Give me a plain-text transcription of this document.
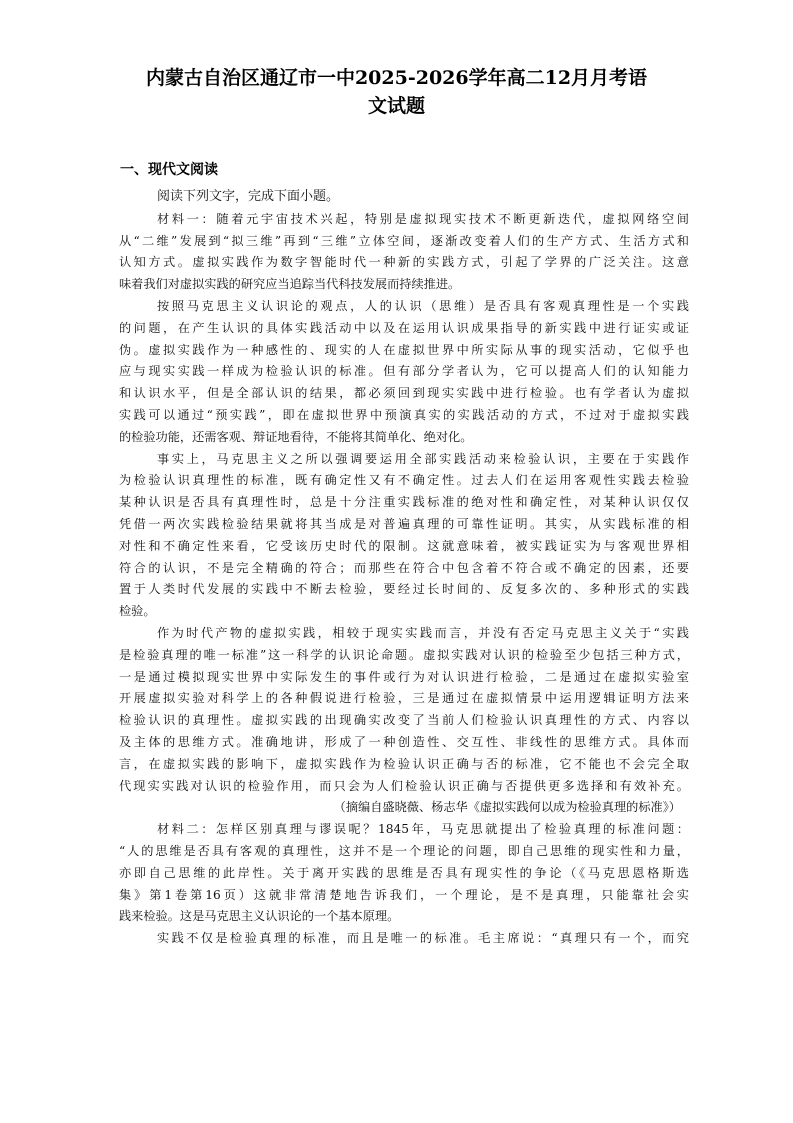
内蒙古自治区通辽市一中2025-2026学年高二12月月考语
文试题
一、现代文阅读
阅读下列文字，完成下面小题。
材料一：随着元宇宙技术兴起，特别是虚拟现实技术不断更新迭代，虚拟网络空间
从“二维”发展到“拟三维”再到“三维”立体空间，逐渐改变着人们的生产方式、生活方式和
认知方式。虚拟实践作为数字智能时代一种新的实践方式，引起了学界的广泛关注。这意
味着我们对虚拟实践的研究应当追踪当代科技发展而持续推进。
按照马克思主义认识论的观点，人的认识（思维）是否具有客观真理性是一个实践
的问题，在产生认识的具体实践活动中以及在运用认识成果指导的新实践中进行证实或证
伪。虚拟实践作为一种感性的、现实的人在虚拟世界中所实际从事的现实活动，它似乎也
应与现实实践一样成为检验认识的标准。但有部分学者认为，它可以提高人们的认知能力
和认识水平，但是全部认识的结果，都必须回到现实实践中进行检验。也有学者认为虚拟
实践可以通过“预实践”，即在虚拟世界中预演真实的实践活动的方式，不过对于虚拟实践
的检验功能，还需客观、辩证地看待，不能将其简单化、绝对化。
事实上，马克思主义之所以强调要运用全部实践活动来检验认识，主要在于实践作
为检验认识真理性的标准，既有确定性又有不确定性。过去人们在运用客观性实践去检验
某种认识是否具有真理性时，总是十分注重实践标准的绝对性和确定性，对某种认识仅仅
凭借一两次实践检验结果就将其当成是对普遍真理的可靠性证明。其实，从实践标准的相
对性和不确定性来看，它受该历史时代的限制。这就意味着，被实践证实为与客观世界相
符合的认识，不是完全精确的符合；而那些在符合中包含着不符合或不确定的因素，还要
置于人类时代发展的实践中不断去检验，要经过长时间的、反复多次的、多种形式的实践
检验。
作为时代产物的虚拟实践，相较于现实实践而言，并没有否定马克思主义关于“实践
是检验真理的唯一标准”这一科学的认识论命题。虚拟实践对认识的检验至少包括三种方式，
一是通过模拟现实世界中实际发生的事件或行为对认识进行检验，二是通过在虚拟实验室
开展虚拟实验对科学上的各种假说进行检验，三是通过在虚拟情景中运用逻辑证明方法来
检验认识的真理性。虚拟实践的出现确实改变了当前人们检验认识真理性的方式、内容以
及主体的思维方式。准确地讲，形成了一种创造性、交互性、非线性的思维方式。具体而
言，在虚拟实践的影响下，虚拟实践作为检验认识正确与否的标准，它不能也不会完全取
代现实实践对认识的检验作用，而只会为人们检验认识正确与否提供更多选择和有效补充。
（摘编自盛晓薇、杨志华《虚拟实践何以成为检验真理的标准》）
材料二：怎样区别真理与谬误呢？1845年，马克思就提出了检验真理的标准问题：
“人的思维是否具有客观的真理性，这并不是一个理论的问题，即自己思维的现实性和力量，
亦即自己思维的此岸性。关于离开实践的思维是否具有现实性的争论（《马克思恩格斯选
集》第1卷第16页）这就非常清楚地告诉我们，一个理论，是不是真理，只能靠社会实
践来检验。这是马克思主义认识论的一个基本原理。
实践不仅是检验真理的标准，而且是唯一的标准。毛主席说：“真理只有一个，而究
